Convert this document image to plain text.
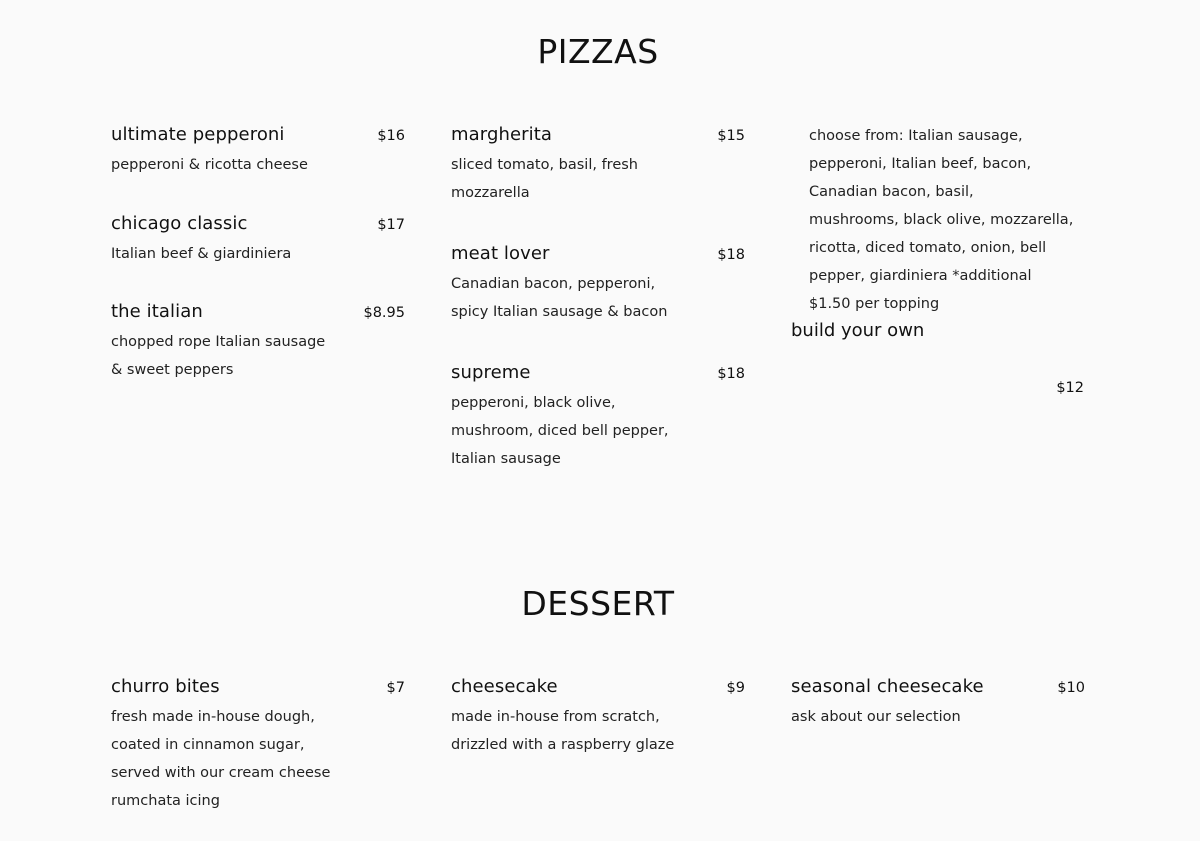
PIZZAS
ultimate pepperoni	$16
pepperoni & ricotta cheese
chicago classic	$17
Italian beef & giardiniera
the italian	$8.95
chopped rope Italian sausage
& sweet peppers
margherita	$15
sliced tomato, basil, fresh
mozzarella
meat lover	$18
Canadian bacon, pepperoni,
spicy Italian sausage & bacon
supreme	$18
pepperoni, black olive,
mushroom, diced bell pepper,
Italian sausage
choose from: Italian sausage,
pepperoni, Italian beef, bacon,
Canadian bacon, basil,
mushrooms, black olive, mozzarella,
ricotta, diced tomato, onion, bell
pepper, giardiniera *additional
$1.50 per topping
build your own
$12
DESSERT
churro bites	$7
fresh made in-house dough,
coated in cinnamon sugar,
served with our cream cheese
rumchata icing
cheesecake	$9
made in-house from scratch,
drizzled with a raspberry glaze
seasonal cheesecake	$10
ask about our selection
